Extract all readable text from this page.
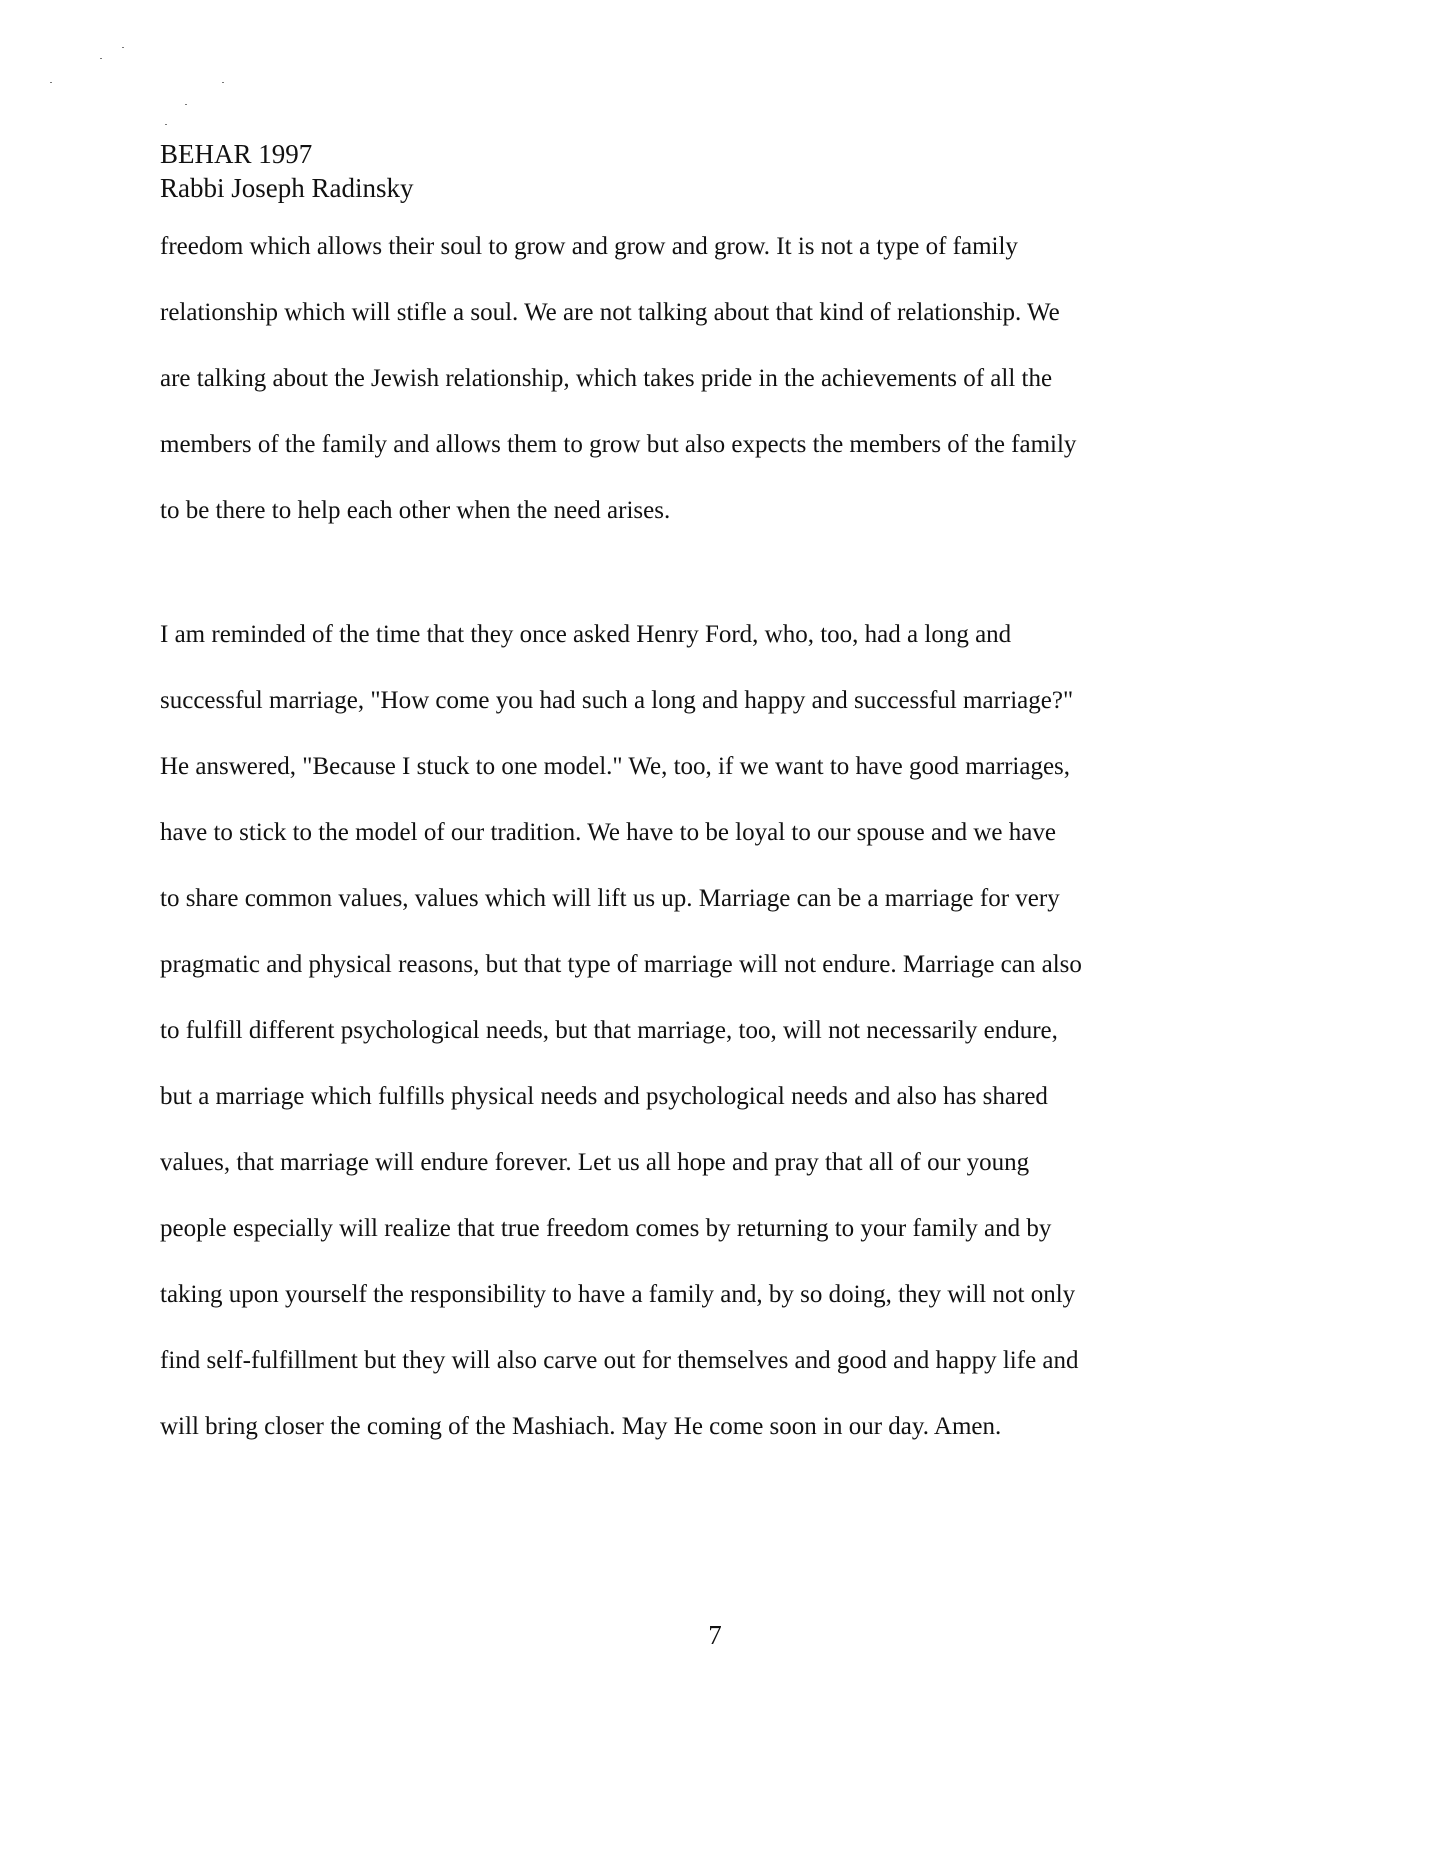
BEHAR 1997
Rabbi Joseph Radinsky
freedom which allows their soul to grow and grow and grow. It is not a type of family
relationship which will stifle a soul. We are not talking about that kind of relationship. We
are talking about the Jewish relationship, which takes pride in the achievements of all the
members of the family and allows them to grow but also expects the members of the family
to be there to help each other when the need arises.
I am reminded of the time that they once asked Henry Ford, who, too, had a long and
successful marriage, "How come you had such a long and happy and successful marriage?"
He answered, "Because I stuck to one model." We, too, if we want to have good marriages,
have to stick to the model of our tradition. We have to be loyal to our spouse and we have
to share common values, values which will lift us up. Marriage can be a marriage for very
pragmatic and physical reasons, but that type of marriage will not endure. Marriage can also
to fulfill different psychological needs, but that marriage, too, will not necessarily endure,
but a marriage which fulfills physical needs and psychological needs and also has shared
values, that marriage will endure forever. Let us all hope and pray that all of our young
people especially will realize that true freedom comes by returning to your family and by
taking upon yourself the responsibility to have a family and, by so doing, they will not only
find self-fulfillment but they will also carve out for themselves and good and happy life and
will bring closer the coming of the Mashiach. May He come soon in our day. Amen.
7
